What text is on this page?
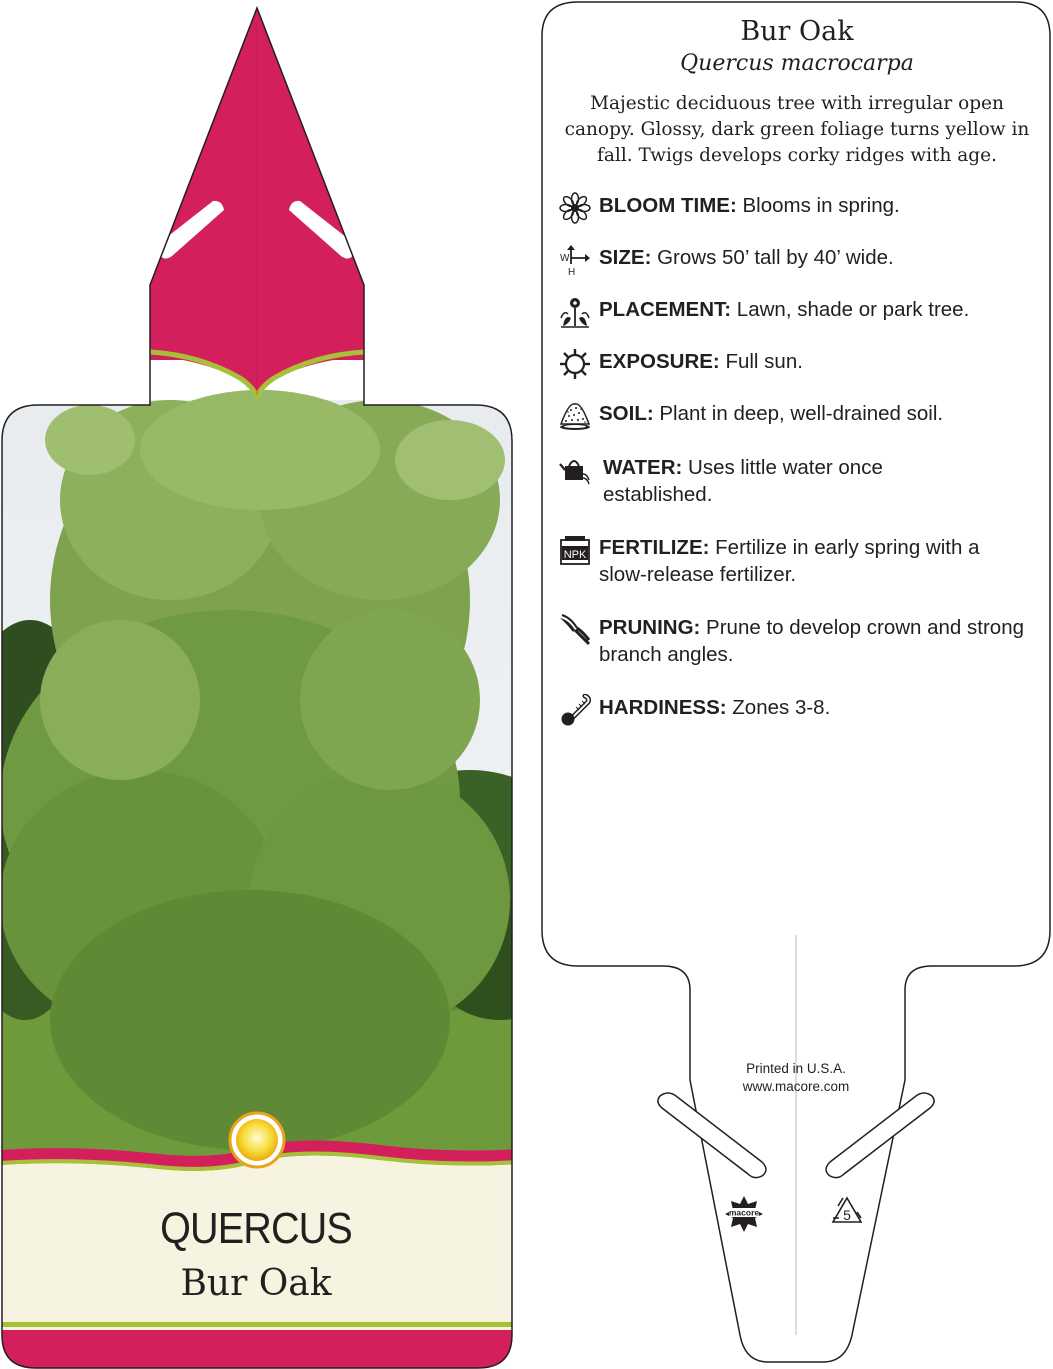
QUERCUS
Bur Oak
macore	5
Bur Oak
Quercus macrocarpa
Majestic deciduous tree with irregular open canopy. Glossy, dark green foliage turns yellow in fall. Twigs develops corky ridges with age.
BLOOM TIME: Blooms in spring.
W
H
SIZE: Grows 50’ tall by 40’ wide.
PLACEMENT: Lawn, shade or park tree.
EXPOSURE: Full sun.
SOIL: Plant in deep, well-drained soil.
WATER: Uses little water once established.
NPK FERTILIZE: Fertilize in early spring with a slow-release fertilizer.
PRUNING: Prune to develop crown and strong branch angles.
HARDINESS: Zones 3-8.
Printed in U.S.A.
www.macore.com
